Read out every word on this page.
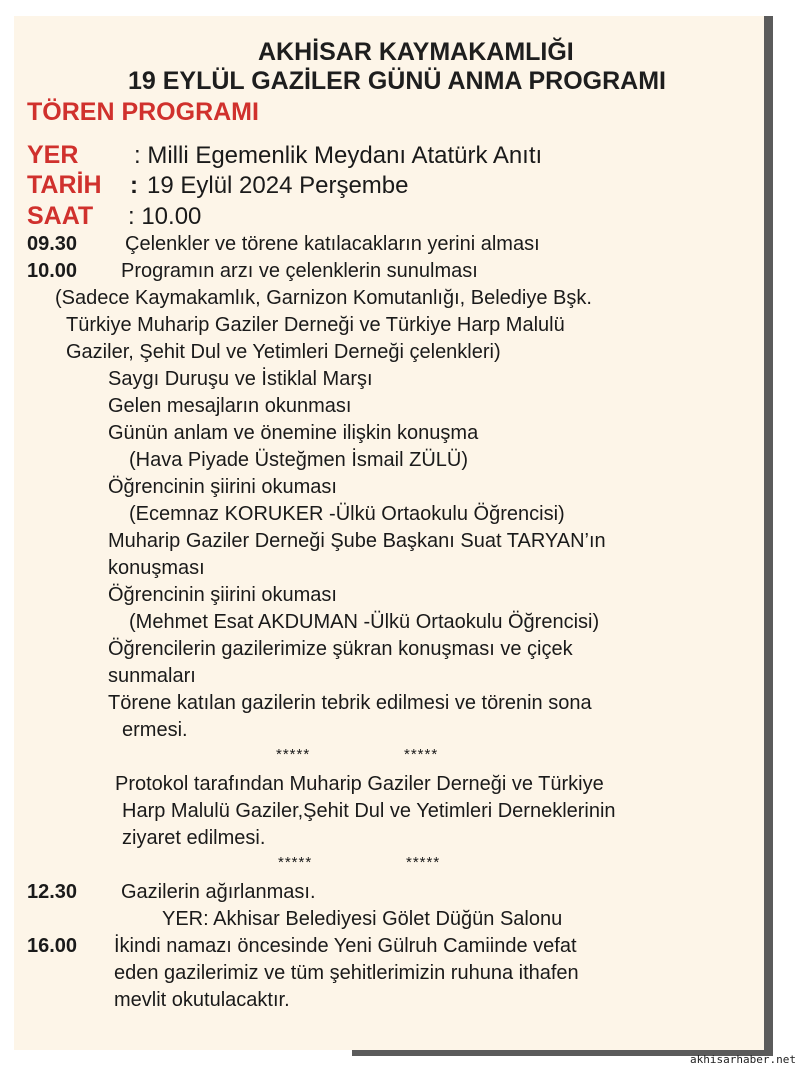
AKHİSAR KAYMAKAMLIĞI
19 EYLÜL GAZİLER GÜNÜ ANMA PROGRAMI
TÖREN PROGRAMI
YER : Milli Egemenlik Meydanı Atatürk Anıtı
TARİH : 19 Eylül 2024 Perşembe
SAAT : 10.00
09.30 Çelenkler ve törene katılacakların yerini alması
10.00 Programın arzı ve çelenklerin sunulması
(Sadece Kaymakamlık, Garnizon Komutanlığı, Belediye Bşk.
Türkiye Muharip Gaziler Derneği ve Türkiye Harp Malulü
Gaziler, Şehit Dul ve Yetimleri Derneği çelenkleri)
Saygı Duruşu ve İstiklal Marşı
Gelen mesajların okunması
Günün anlam ve önemine ilişkin konuşma
(Hava Piyade Üsteğmen İsmail ZÜLÜ)
Öğrencinin şiirini okuması
(Ecemnaz KORUKER -Ülkü Ortaokulu Öğrencisi)
Muharip Gaziler Derneği Şube Başkanı Suat TARYAN’ın
konuşması
Öğrencinin şiirini okuması
(Mehmet Esat AKDUMAN -Ülkü Ortaokulu Öğrencisi)
Öğrencilerin gazilerimize şükran konuşması ve çiçek
sunmaları
Törene katılan gazilerin tebrik edilmesi ve törenin sona
ermesi.
*****	*****
Protokol tarafından Muharip Gaziler Derneği ve Türkiye
Harp Malulü Gaziler,Şehit Dul ve Yetimleri Derneklerinin
ziyaret edilmesi.
*****	*****
12.30 Gazilerin ağırlanması.
YER: Akhisar Belediyesi Gölet Düğün Salonu
16.00 İkindi namazı öncesinde Yeni Gülruh Camiinde vefat
eden gazilerimiz ve tüm şehitlerimizin ruhuna ithafen
mevlit okutulacaktır.
akhisarhaber.net
